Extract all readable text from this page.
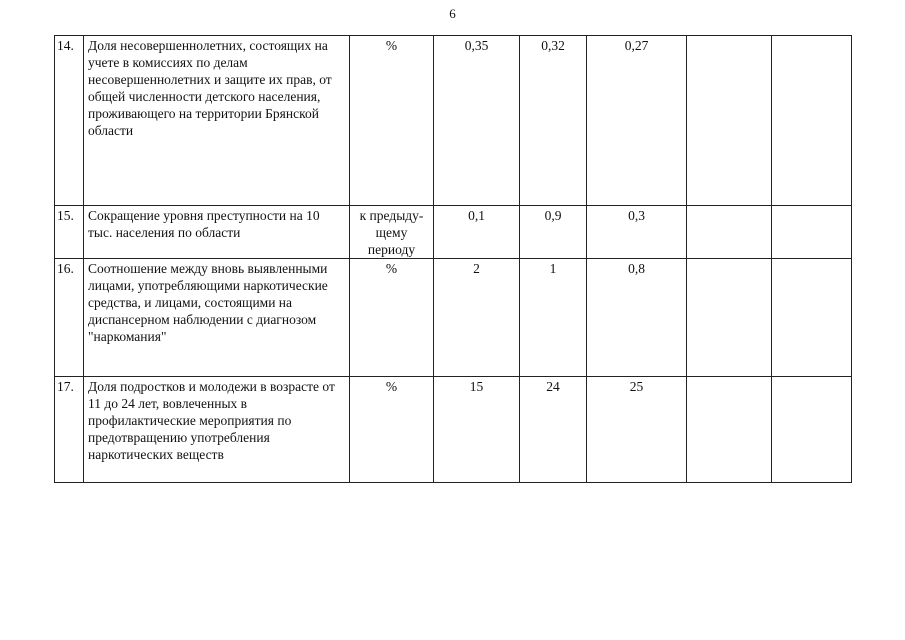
6
14.	Доля несовершеннолетних, состоящих на учете в комиссиях по делам несовершеннолетних и защите их прав, от общей численности детского населения, проживающего на территории Брянской области	%	0,35	0,32	0,27		
15.	Сокращение уровня преступности на 10 тыс. населения по области	к предыду-щему периоду	0,1	0,9	0,3		
16.	Соотношение между вновь выявленными лицами, употребляющими наркотические средства, и лицами, состоящими на диспансерном наблюдении с диагнозом "наркомания"	%	2	1	0,8		
17.	Доля подростков и молодежи в возрасте от 11 до 24 лет, вовлеченных в профилактические мероприятия по предотвращению употребления наркотических веществ	%	15	24	25		
